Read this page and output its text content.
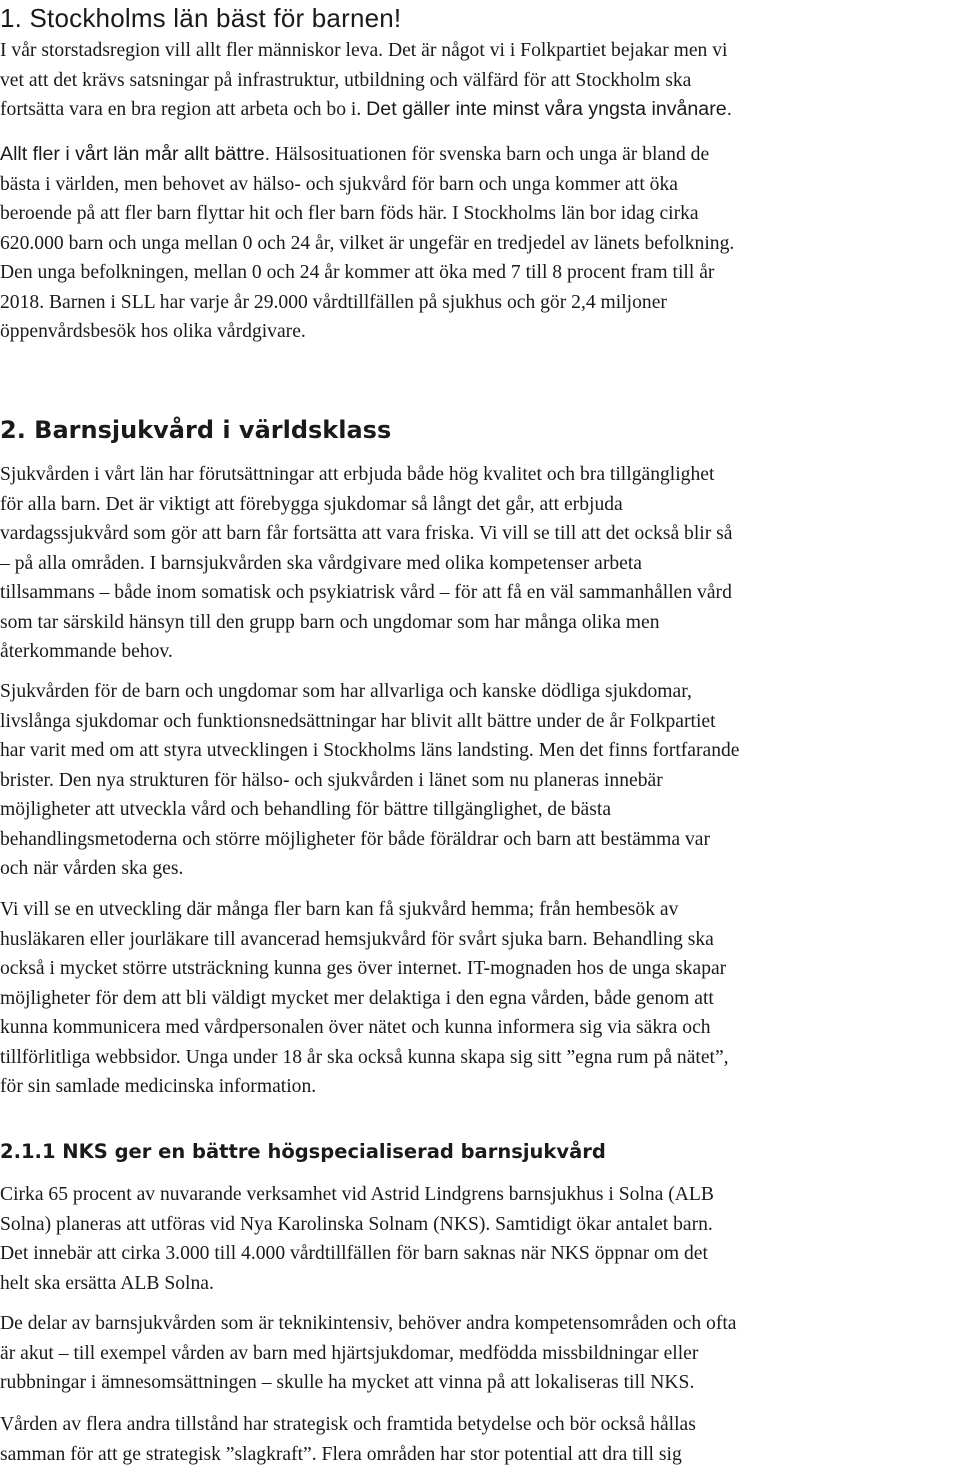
1. Stockholms län bäst för barnen!
I vår storstadsregion vill allt fler människor leva. Det är något vi i Folkpartiet bejakar men vi
vet att det krävs satsningar på infrastruktur, utbildning och välfärd för att Stockholm ska
fortsätta vara en bra region att arbeta och bo i. Det gäller inte minst våra yngsta invånare.
Allt fler i vårt län mår allt bättre. Hälsosituationen för svenska barn och unga är bland de
bästa i världen, men behovet av hälso- och sjukvård för barn och unga kommer att öka
beroende på att fler barn flyttar hit och fler barn föds här. I Stockholms län bor idag cirka
620.000 barn och unga mellan 0 och 24 år, vilket är ungefär en tredjedel av länets befolkning.
Den unga befolkningen, mellan 0 och 24 år kommer att öka med 7 till 8 procent fram till år
2018. Barnen i SLL har varje år 29.000 vårdtillfällen på sjukhus och gör 2,4 miljoner
öppenvårdsbesök hos olika vårdgivare.
2. Barnsjukvård i världsklass
Sjukvården i vårt län har förutsättningar att erbjuda både hög kvalitet och bra tillgänglighet
för alla barn. Det är viktigt att förebygga sjukdomar så långt det går, att erbjuda
vardagssjukvård som gör att barn får fortsätta att vara friska. Vi vill se till att det också blir så
– på alla områden. I barnsjukvården ska vårdgivare med olika kompetenser arbeta
tillsammans – både inom somatisk och psykiatrisk vård – för att få en väl sammanhållen vård
som tar särskild hänsyn till den grupp barn och ungdomar som har många olika men
återkommande behov.
Sjukvården för de barn och ungdomar som har allvarliga och kanske dödliga sjukdomar,
livslånga sjukdomar och funktionsnedsättningar har blivit allt bättre under de år Folkpartiet
har varit med om att styra utvecklingen i Stockholms läns landsting. Men det finns fortfarande
brister. Den nya strukturen för hälso- och sjukvården i länet som nu planeras innebär
möjligheter att utveckla vård och behandling för bättre tillgänglighet, de bästa
behandlingsmetoderna och större möjligheter för både föräldrar och barn att bestämma var
och när vården ska ges.
Vi vill se en utveckling där många fler barn kan få sjukvård hemma; från hembesök av
husläkaren eller jourläkare till avancerad hemsjukvård för svårt sjuka barn. Behandling ska
också i mycket större utsträckning kunna ges över internet. IT-mognaden hos de unga skapar
möjligheter för dem att bli väldigt mycket mer delaktiga i den egna vården, både genom att
kunna kommunicera med vårdpersonalen över nätet och kunna informera sig via säkra och
tillförlitliga webbsidor. Unga under 18 år ska också kunna skapa sig sitt ”egna rum på nätet”,
för sin samlade medicinska information.
2.1.1 NKS ger en bättre högspecialiserad barnsjukvård
Cirka 65 procent av nuvarande verksamhet vid Astrid Lindgrens barnsjukhus i Solna (ALB
Solna) planeras att utföras vid Nya Karolinska Solnam (NKS). Samtidigt ökar antalet barn.
Det innebär att cirka 3.000 till 4.000 vårdtillfällen för barn saknas när NKS öppnar om det
helt ska ersätta ALB Solna.
De delar av barnsjukvården som är teknikintensiv, behöver andra kompetensområden och ofta
är akut – till exempel vården av barn med hjärtsjukdomar, medfödda missbildningar eller
rubbningar i ämnesomsättningen – skulle ha mycket att vinna på att lokaliseras till NKS.
Vården av flera andra tillstånd har strategisk och framtida betydelse och bör också hållas
samman för att ge strategisk ”slagkraft”. Flera områden har stor potential att dra till sig
